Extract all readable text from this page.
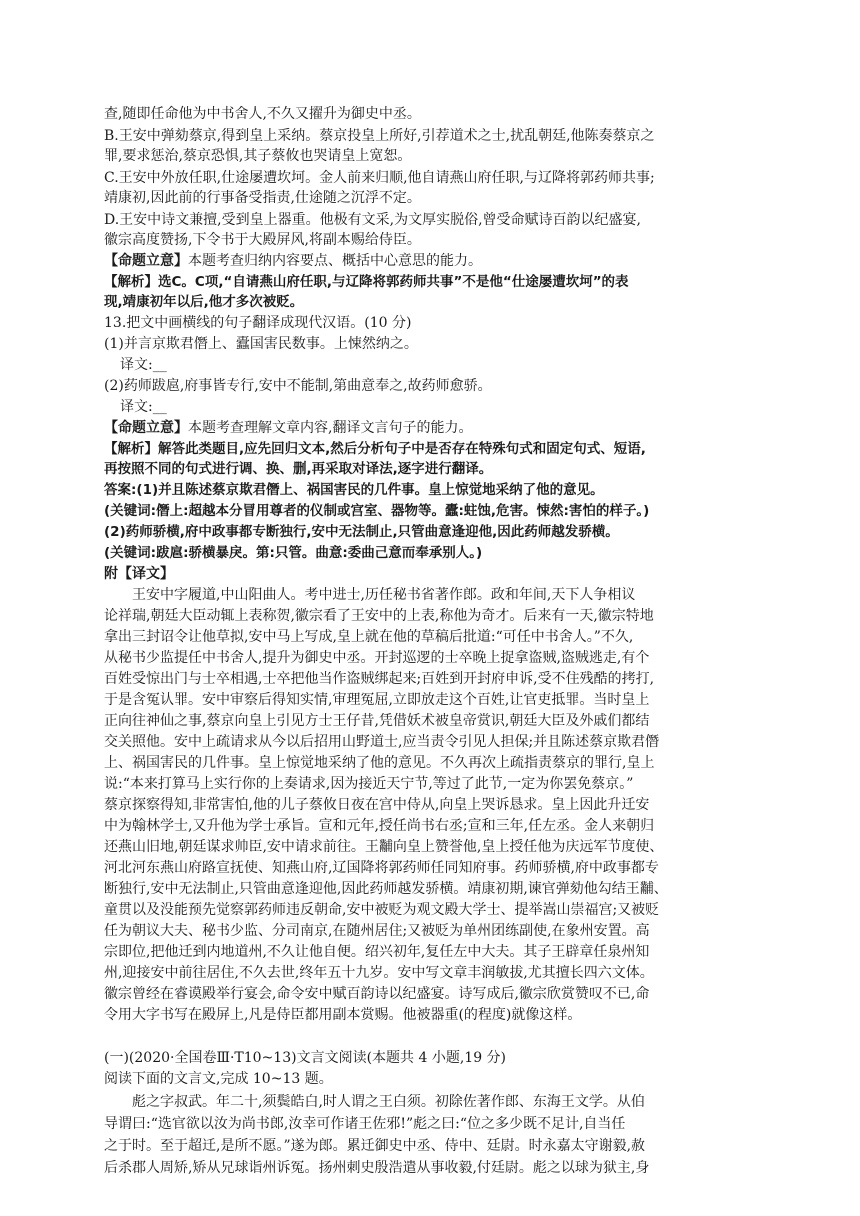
查,随即任命他为中书舍人,不久又擢升为御史中丞。
B.王安中弹劾蔡京,得到皇上采纳。蔡京投皇上所好,引荐道术之士,扰乱朝廷,他陈奏蔡京之
罪,要求惩治,蔡京恐惧,其子蔡攸也哭请皇上宽恕。
C.王安中外放任职,仕途屡遭坎坷。金人前来归顺,他自请燕山府任职,与辽降将郭药师共事;
靖康初,因此前的行事备受指责,仕途随之沉浮不定。
D.王安中诗文兼擅,受到皇上器重。他极有文采,为文厚实脱俗,曾受命赋诗百韵以纪盛宴,
徽宗高度赞扬,下令书于大殿屏风,将副本赐给侍臣。
【命题立意】本题考查归纳内容要点、概括中心意思的能力。
【解析】选C。C项,“自请燕山府任职,与辽降将郭药师共事”不是他“仕途屡遭坎坷”的表
现,靖康初年以后,他才多次被贬。
13.把文中画横线的句子翻译成现代汉语。(10 分)
(1)并言京欺君僭上、蠹国害民数事。上悚然纳之。
译文:__
(2)药师跋扈,府事皆专行,安中不能制,第曲意奉之,故药师愈骄。
译文:__
【命题立意】本题考查理解文章内容,翻译文言句子的能力。
【解析】解答此类题目,应先回归文本,然后分析句子中是否存在特殊句式和固定句式、短语,
再按照不同的句式进行调、换、删,再采取对译法,逐字进行翻译。
答案:(1)并且陈述蔡京欺君僭上、祸国害民的几件事。皇上惊觉地采纳了他的意见。
(关键词:僭上:超越本分冒用尊者的仪制或宫室、器物等。蠹:蛀蚀,危害。悚然:害怕的样子。)
(2)药师骄横,府中政事都专断独行,安中无法制止,只管曲意逢迎他,因此药师越发骄横。
(关键词:跋扈:骄横暴戾。第:只管。曲意:委曲己意而奉承别人。)
附【译文】
王安中字履道,中山阳曲人。考中进士,历任秘书省著作郎。政和年间,天下人争相议
论祥瑞,朝廷大臣动辄上表称贺,徽宗看了王安中的上表,称他为奇才。后来有一天,徽宗特地
拿出三封诏令让他草拟,安中马上写成,皇上就在他的草稿后批道:“可任中书舍人。”不久,
从秘书少监提任中书舍人,提升为御史中丞。开封巡逻的士卒晚上捉拿盗贼,盗贼逃走,有个
百姓受惊出门与士卒相遇,士卒把他当作盗贼绑起来;百姓到开封府申诉,受不住残酷的拷打,
于是含冤认罪。安中审察后得知实情,审理冤屈,立即放走这个百姓,让官吏抵罪。当时皇上
正向往神仙之事,蔡京向皇上引见方士王仔昔,凭借妖术被皇帝赏识,朝廷大臣及外戚们都结
交关照他。安中上疏请求从今以后招用山野道士,应当责令引见人担保;并且陈述蔡京欺君僭
上、祸国害民的几件事。皇上惊觉地采纳了他的意见。不久再次上疏指责蔡京的罪行,皇上
说:“本来打算马上实行你的上奏请求,因为接近天宁节,等过了此节,一定为你罢免蔡京。”
蔡京探察得知,非常害怕,他的儿子蔡攸日夜在宫中侍从,向皇上哭诉恳求。皇上因此升迁安
中为翰林学士,又升他为学士承旨。宣和元年,授任尚书右丞;宣和三年,任左丞。金人来朝归
还燕山旧地,朝廷谋求帅臣,安中请求前往。王黼向皇上赞誉他,皇上授任他为庆远军节度使、
河北河东燕山府路宣抚使、知燕山府,辽国降将郭药师任同知府事。药师骄横,府中政事都专
断独行,安中无法制止,只管曲意逢迎他,因此药师越发骄横。靖康初期,谏官弹劾他勾结王黼、
童贯以及没能预先觉察郭药师违反朝命,安中被贬为观文殿大学士、提举嵩山崇福宫;又被贬
任为朝议大夫、秘书少监、分司南京,在随州居住;又被贬为单州团练副使,在象州安置。高
宗即位,把他迁到内地道州,不久让他自便。绍兴初年,复任左中大夫。其子王辟章任泉州知
州,迎接安中前往居住,不久去世,终年五十九岁。安中写文章丰润敏拔,尤其擅长四六文体。
徽宗曾经在睿谟殿举行宴会,命令安中赋百韵诗以纪盛宴。诗写成后,徽宗欣赏赞叹不已,命
令用大字书写在殿屏上,凡是侍臣都用副本赏赐。他被器重(的程度)就像这样。
(一)(2020·全国卷Ⅲ·T10~13)文言文阅读(本题共 4 小题,19 分)
阅读下面的文言文,完成 10~13 题。
彪之字叔武。年二十,须鬓皓白,时人谓之王白须。初除佐著作郎、东海王文学。从伯
导谓曰:“选官欲以汝为尚书郎,汝幸可作诸王佐邪!”彪之曰:“位之多少既不足计,自当任
之于时。至于超迁,是所不愿。”遂为郎。累迁御史中丞、侍中、廷尉。时永嘉太守谢毅,赦
后杀郡人周矫,矫从兄球诣州诉冤。扬州刺史殷浩遣从事收毅,付廷尉。彪之以球为狱主,身
